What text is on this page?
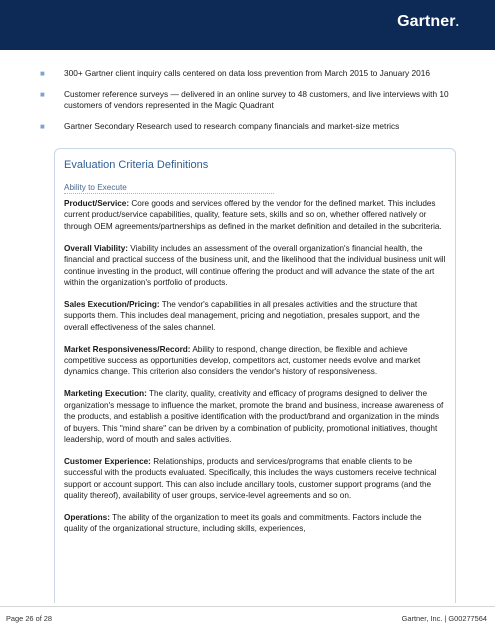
Gartner.
■ 300+ Gartner client inquiry calls centered on data loss prevention from March 2015 to January 2016
■ Customer reference surveys — delivered in an online survey to 48 customers, and live interviews with 10 customers of vendors represented in the Magic Quadrant
■ Gartner Secondary Research used to research company financials and market-size metrics
Evaluation Criteria Definitions
Ability to Execute

Product/Service: Core goods and services offered by the vendor for the defined market. This includes current product/service capabilities, quality, feature sets, skills and so on, whether offered natively or through OEM agreements/partnerships as defined in the market definition and detailed in the subcriteria.

Overall Viability: Viability includes an assessment of the overall organization's financial health, the financial and practical success of the business unit, and the likelihood that the individual business unit will continue investing in the product, will continue offering the product and will advance the state of the art within the organization's portfolio of products.

Sales Execution/Pricing: The vendor's capabilities in all presales activities and the structure that supports them. This includes deal management, pricing and negotiation, presales support, and the overall effectiveness of the sales channel.

Market Responsiveness/Record: Ability to respond, change direction, be flexible and achieve competitive success as opportunities develop, competitors act, customer needs evolve and market dynamics change. This criterion also considers the vendor's history of responsiveness.

Marketing Execution: The clarity, quality, creativity and efficacy of programs designed to deliver the organization's message to influence the market, promote the brand and business, increase awareness of the products, and establish a positive identification with the product/brand and organization in the minds of buyers. This "mind share" can be driven by a combination of publicity, promotional initiatives, thought leadership, word of mouth and sales activities.

Customer Experience: Relationships, products and services/programs that enable clients to be successful with the products evaluated. Specifically, this includes the ways customers receive technical support or account support. This can also include ancillary tools, customer support programs (and the quality thereof), availability of user groups, service-level agreements and so on.

Operations: The ability of the organization to meet its goals and commitments. Factors include the quality of the organizational structure, including skills, experiences,

Page 26 of 28	Gartner, Inc. | G00277564
